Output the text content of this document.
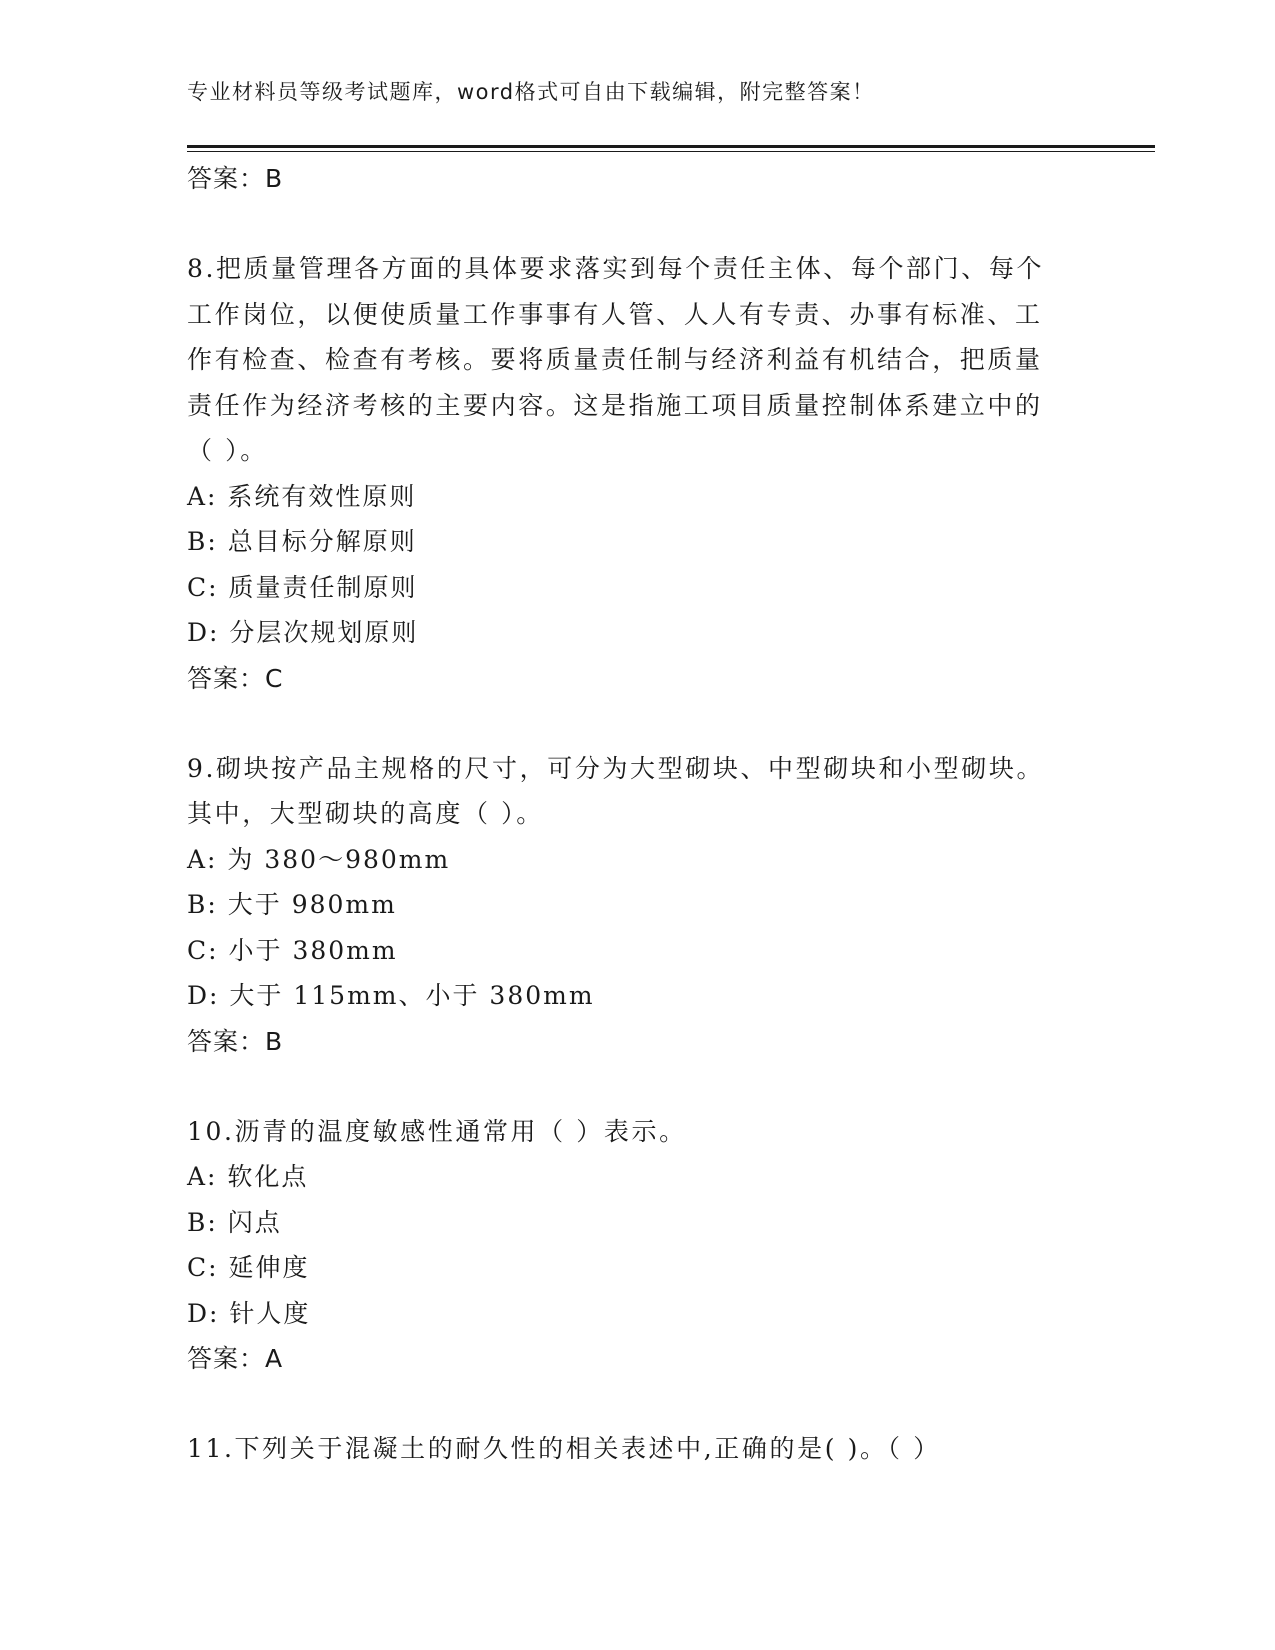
专业材料员等级考试题库，word格式可自由下载编辑，附完整答案！
答案：B
8.把质量管理各方面的具体要求落实到每个责任主体、每个部门、每个工作岗位，以便使质量工作事事有人管、人人有专责、办事有标准、工作有检查、检查有考核。要将质量责任制与经济利益有机结合，把质量责任作为经济考核的主要内容。这是指施工项目质量控制体系建立中的（ ）。
A: 系统有效性原则
B: 总目标分解原则
C: 质量责任制原则
D: 分层次规划原则
答案：C
9.砌块按产品主规格的尺寸，可分为大型砌块、中型砌块和小型砌块。其中，大型砌块的高度（ ）。
A: 为 380～980mm
B: 大于 980mm
C: 小于 380mm
D: 大于 115mm、小于 380mm
答案：B
10.沥青的温度敏感性通常用（ ）表示。
A: 软化点
B: 闪点
C: 延伸度
D: 针人度
答案：A
11.下列关于混凝土的耐久性的相关表述中,正确的是( )。（ ）
